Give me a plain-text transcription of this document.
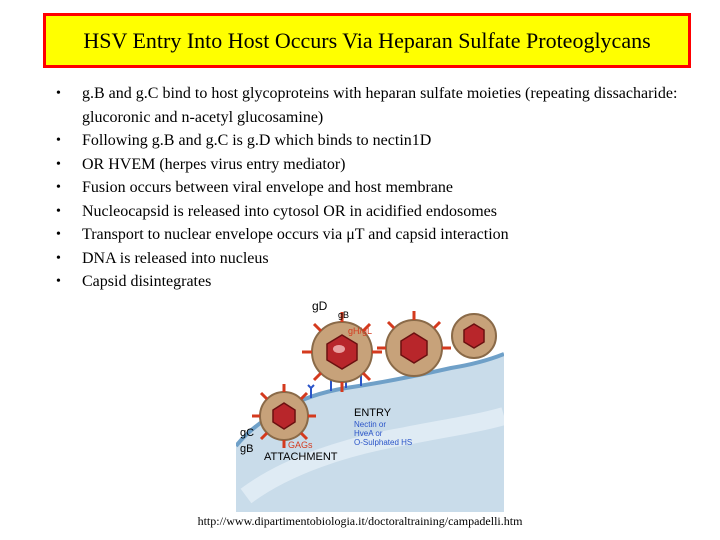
HSV Entry Into Host Occurs Via Heparan Sulfate Proteoglycans
• g.B and g.C bind to host glycoproteins with heparan sulfate moieties (repeating dissacharide: glucoronic and n-acetyl glucosamine)
• Following g.B and g.C is g.D which binds to nectin1D
• OR HVEM (herpes virus entry mediator)
• Fusion occurs between viral envelope and host membrane
• Nucleocapsid is released into cytosol OR in acidified endosomes
• Transport to nuclear envelope occurs via μT and capsid interaction
• DNA is released into nucleus
• Capsid disintegrates
gD
gB
gH/gL
gC
gB	GAGs
ATTACHMENT
ENTRY
Nectin or
HveA or
O-Sulphated HS
http://www.dipartimentobiologia.it/doctoraltraining/campadelli.htm
